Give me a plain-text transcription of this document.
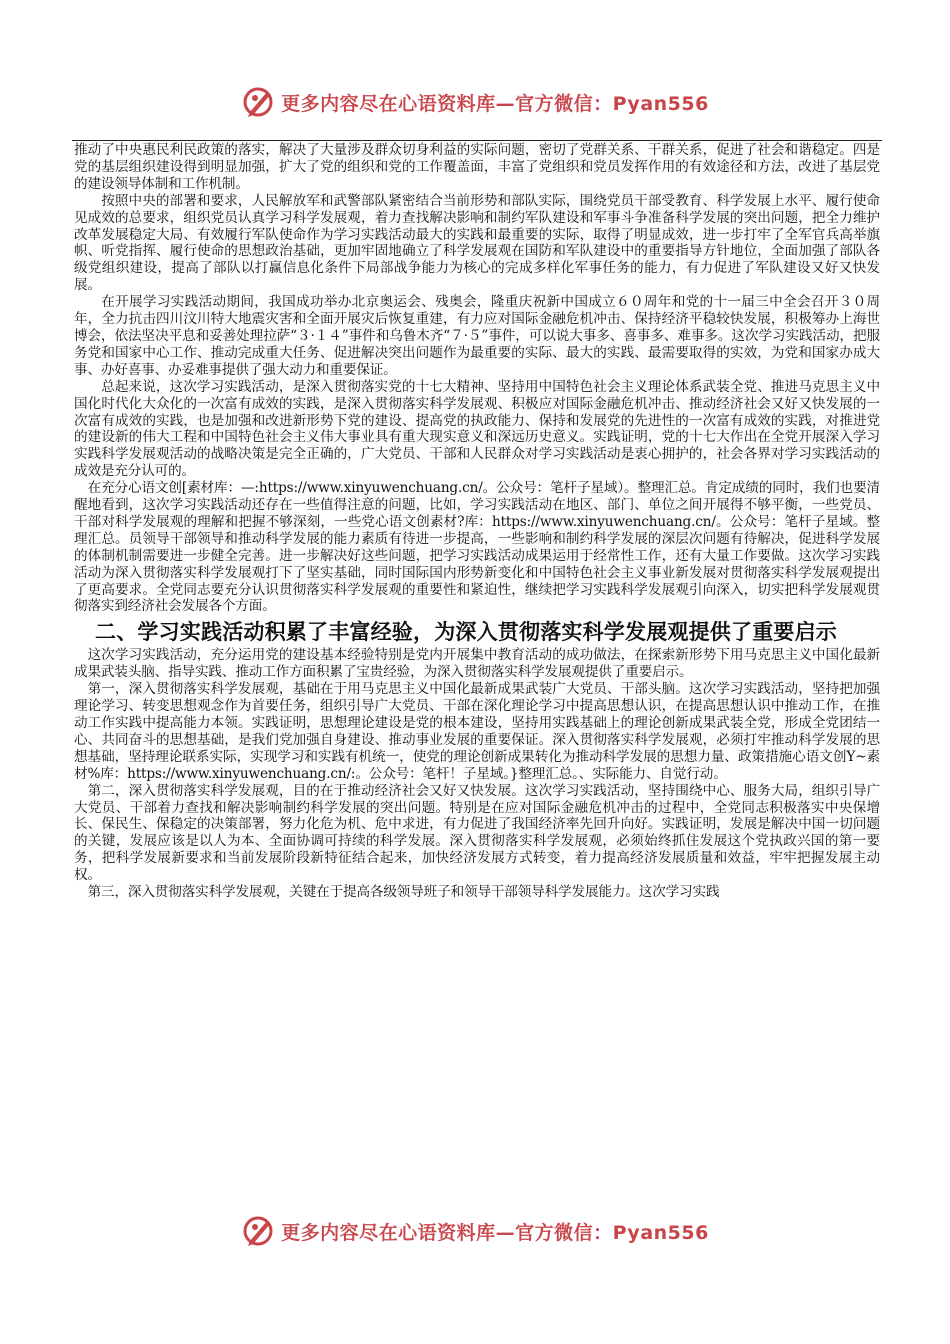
更多内容尽在心语资料库—官方微信：Pyan556

推动了中央惠民利民政策的落实，解决了大量涉及群众切身利益的实际问题，密切了党群关系、干群关系，促进了社会和谐稳定。四是党的基层组织建设得到明显加强，扩大了党的组织和党的工作覆盖面，丰富了党组织和党员发挥作用的有效途径和方法，改进了基层党的建设领导体制和工作机制。

按照中央的部署和要求，人民解放军和武警部队紧密结合当前形势和部队实际，围绕党员干部受教育、科学发展上水平、履行使命见成效的总要求，组织党员认真学习科学发展观，着力查找解决影响和制约军队建设和军事斗争准备科学发展的突出问题，把全力维护改革发展稳定大局、有效履行军队使命作为学习实践活动最大的实践和最重要的实际，取得了明显成效，进一步打牢了全军官兵高举旗帜、听党指挥、履行使命的思想政治基础，更加牢固地确立了科学发展观在国防和军队建设中的重要指导方针地位，全面加强了部队各级党组织建设，提高了部队以打赢信息化条件下局部战争能力为核心的完成多样化军事任务的能力，有力促进了军队建设又好又快发展。

在开展学习实践活动期间，我国成功举办北京奥运会、残奥会，隆重庆祝新中国成立６０周年和党的十一届三中全会召开３０周年，全力抗击四川汶川特大地震灾害和全面开展灾后恢复重建，有力应对国际金融危机冲击、保持经济平稳较快发展，积极筹办上海世博会，依法坚决平息和妥善处理拉萨“３·１４”事件和乌鲁木齐“７·５”事件，可以说大事多、喜事多、难事多。这次学习实践活动，把服务党和国家中心工作、推动完成重大任务、促进解决突出问题作为最重要的实际、最大的实践、最需要取得的实效，为党和国家办成大事、办好喜事、办妥难事提供了强大动力和重要保证。

总起来说，这次学习实践活动，是深入贯彻落实党的十七大精神、坚持用中国特色社会主义理论体系武装全党、推进马克思主义中国化时代化大众化的一次富有成效的实践，是深入贯彻落实科学发展观、积极应对国际金融危机冲击、推动经济社会又好又快发展的一次富有成效的实践，也是加强和改进新形势下党的建设、提高党的执政能力、保持和发展党的先进性的一次富有成效的实践，对推进党的建设新的伟大工程和中国特色社会主义伟大事业具有重大现实意义和深远历史意义。实践证明，党的十七大作出在全党开展深入学习实践科学发展观活动的战略决策是完全正确的，广大党员、干部和人民群众对学习实践活动是衷心拥护的，社会各界对学习实践活动的成效是充分认可的。

在充分心语文创[素材库：—:https://www.xinyuwenchuang.cn/。公众号：笔杆子星域）。整理汇总。肯定成绩的同时，我们也要清醒地看到，这次学习实践活动还存在一些值得注意的问题，比如，学习实践活动在地区、部门、单位之间开展得不够平衡，一些党员、干部对科学发展观的理解和把握不够深刻，一些党心语文创素材?库：https://www.xinyuwenchuang.cn/。公众号：笔杆子星域。整理汇总。员领导干部领导和推动科学发展的能力素质有待进一步提高，一些影响和制约科学发展的深层次问题有待解决，促进科学发展的体制机制需要进一步健全完善。进一步解决好这些问题，把学习实践活动成果运用于经常性工作，还有大量工作要做。这次学习实践活动为深入贯彻落实科学发展观打下了坚实基础，同时国际国内形势新变化和中国特色社会主义事业新发展对贯彻落实科学发展观提出了更高要求。全党同志要充分认识贯彻落实科学发展观的重要性和紧迫性，继续把学习实践科学发展观引向深入，切实把科学发展观贯彻落实到经济社会发展各个方面。

二、学习实践活动积累了丰富经验，为深入贯彻落实科学发展观提供了重要启示

这次学习实践活动，充分运用党的建设基本经验特别是党内开展集中教育活动的成功做法，在探索新形势下用马克思主义中国化最新成果武装头脑、指导实践、推动工作方面积累了宝贵经验，为深入贯彻落实科学发展观提供了重要启示。

第一，深入贯彻落实科学发展观，基础在于用马克思主义中国化最新成果武装广大党员、干部头脑。这次学习实践活动，坚持把加强理论学习、转变思想观念作为首要任务，组织引导广大党员、干部在深化理论学习中提高思想认识，在提高思想认识中推动工作，在推动工作实践中提高能力本领。实践证明，思想理论建设是党的根本建设，坚持用实践基础上的理论创新成果武装全党，形成全党团结一心、共同奋斗的思想基础，是我们党加强自身建设、推动事业发展的重要保证。深入贯彻落实科学发展观，必须打牢推动科学发展的思想基础，坚持理论联系实际，实现学习和实践有机统一，使党的理论创新成果转化为推动科学发展的思想力量、政策措施心语文创Y~素材%库：https://www.xinyuwenchuang.cn/:。公众号：笔杆！子星域。}整理汇总。、实际能力、自觉行动。

第二，深入贯彻落实科学发展观，目的在于推动经济社会又好又快发展。这次学习实践活动，坚持围绕中心、服务大局，组织引导广大党员、干部着力查找和解决影响制约科学发展的突出问题。特别是在应对国际金融危机冲击的过程中，全党同志积极落实中央保增长、保民生、保稳定的决策部署，努力化危为机、危中求进，有力促进了我国经济率先回升向好。实践证明，发展是解决中国一切问题的关键，发展应该是以人为本、全面协调可持续的科学发展。深入贯彻落实科学发展观，必须始终抓住发展这个党执政兴国的第一要务，把科学发展新要求和当前发展阶段新特征结合起来，加快经济发展方式转变，着力提高经济发展质量和效益，牢牢把握发展主动权。

第三，深入贯彻落实科学发展观，关键在于提高各级领导班子和领导干部领导科学发展能力。这次学习实践

更多内容尽在心语资料库—官方微信：Pyan556
